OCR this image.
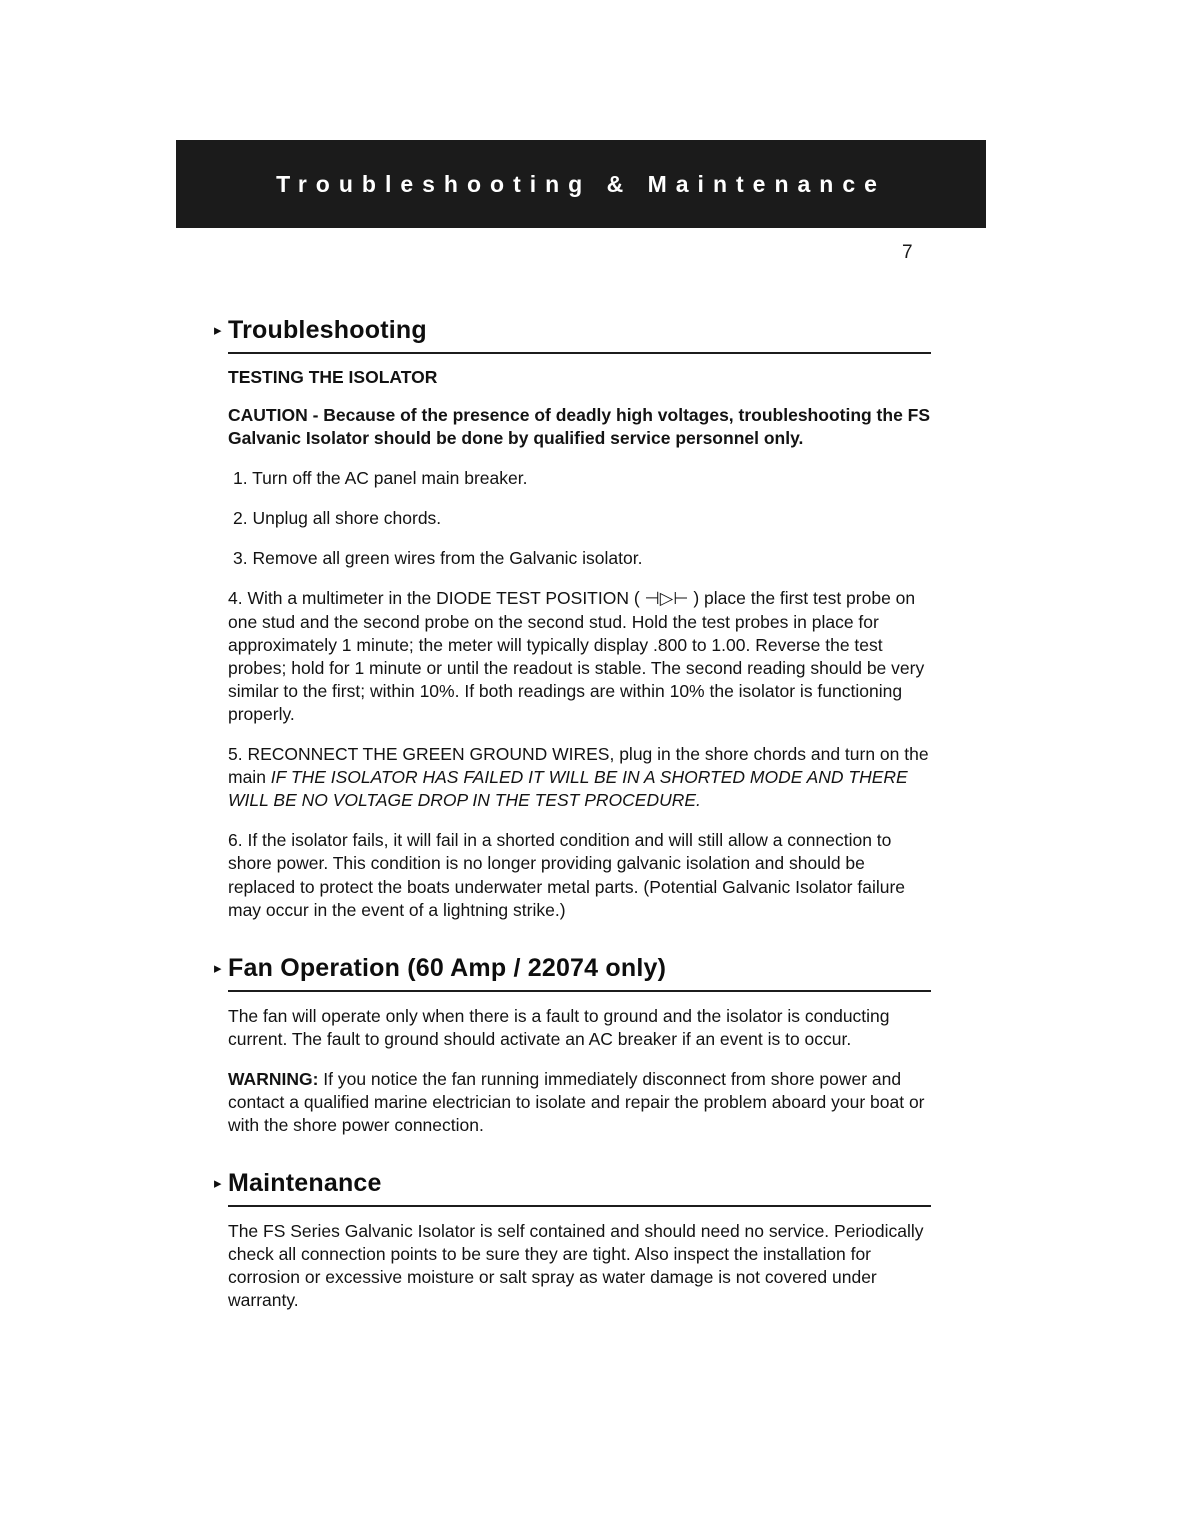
Troubleshooting & Maintenance
7
▸ Troubleshooting
TESTING THE ISOLATOR

CAUTION - Because of the presence of deadly high voltages, troubleshooting the FS Galvanic Isolator should be done by qualified service personnel only.

1. Turn off the AC panel main breaker.

2. Unplug all shore chords.

3. Remove all green wires from the Galvanic isolator.

4. With a multimeter in the DIODE TEST POSITION ( ⊣▷⊢ ) place the first test probe on one stud and the second probe on the second stud. Hold the test probes in place for approximately 1 minute; the meter will typically display .800 to 1.00. Reverse the test probes; hold for 1 minute or until the readout is stable. The second reading should be very similar to the first; within 10%. If both readings are within 10% the isolator is functioning properly.

5. RECONNECT THE GREEN GROUND WIRES, plug in the shore chords and turn on the main IF THE ISOLATOR HAS FAILED IT WILL BE IN A SHORTED MODE AND THERE WILL BE NO VOLTAGE DROP IN THE TEST PROCEDURE.

6. If the isolator fails, it will fail in a shorted condition and will still allow a connection to shore power. This condition is no longer providing galvanic isolation and should be replaced to protect the boats underwater metal parts. (Potential Galvanic Isolator failure may occur in the event of a lightning strike.)

▸ Fan Operation (60 Amp / 22074 only)

The fan will operate only when there is a fault to ground and the isolator is conducting current. The fault to ground should activate an AC breaker if an event is to occur.

WARNING: If you notice the fan running immediately disconnect from shore power and contact a qualified marine electrician to isolate and repair the problem aboard your boat or with the shore power connection.

▸ Maintenance

The FS Series Galvanic Isolator is self contained and should need no service. Periodically check all connection points to be sure they are tight. Also inspect the installation for corrosion or excessive moisture or salt spray as water damage is not covered under warranty.
